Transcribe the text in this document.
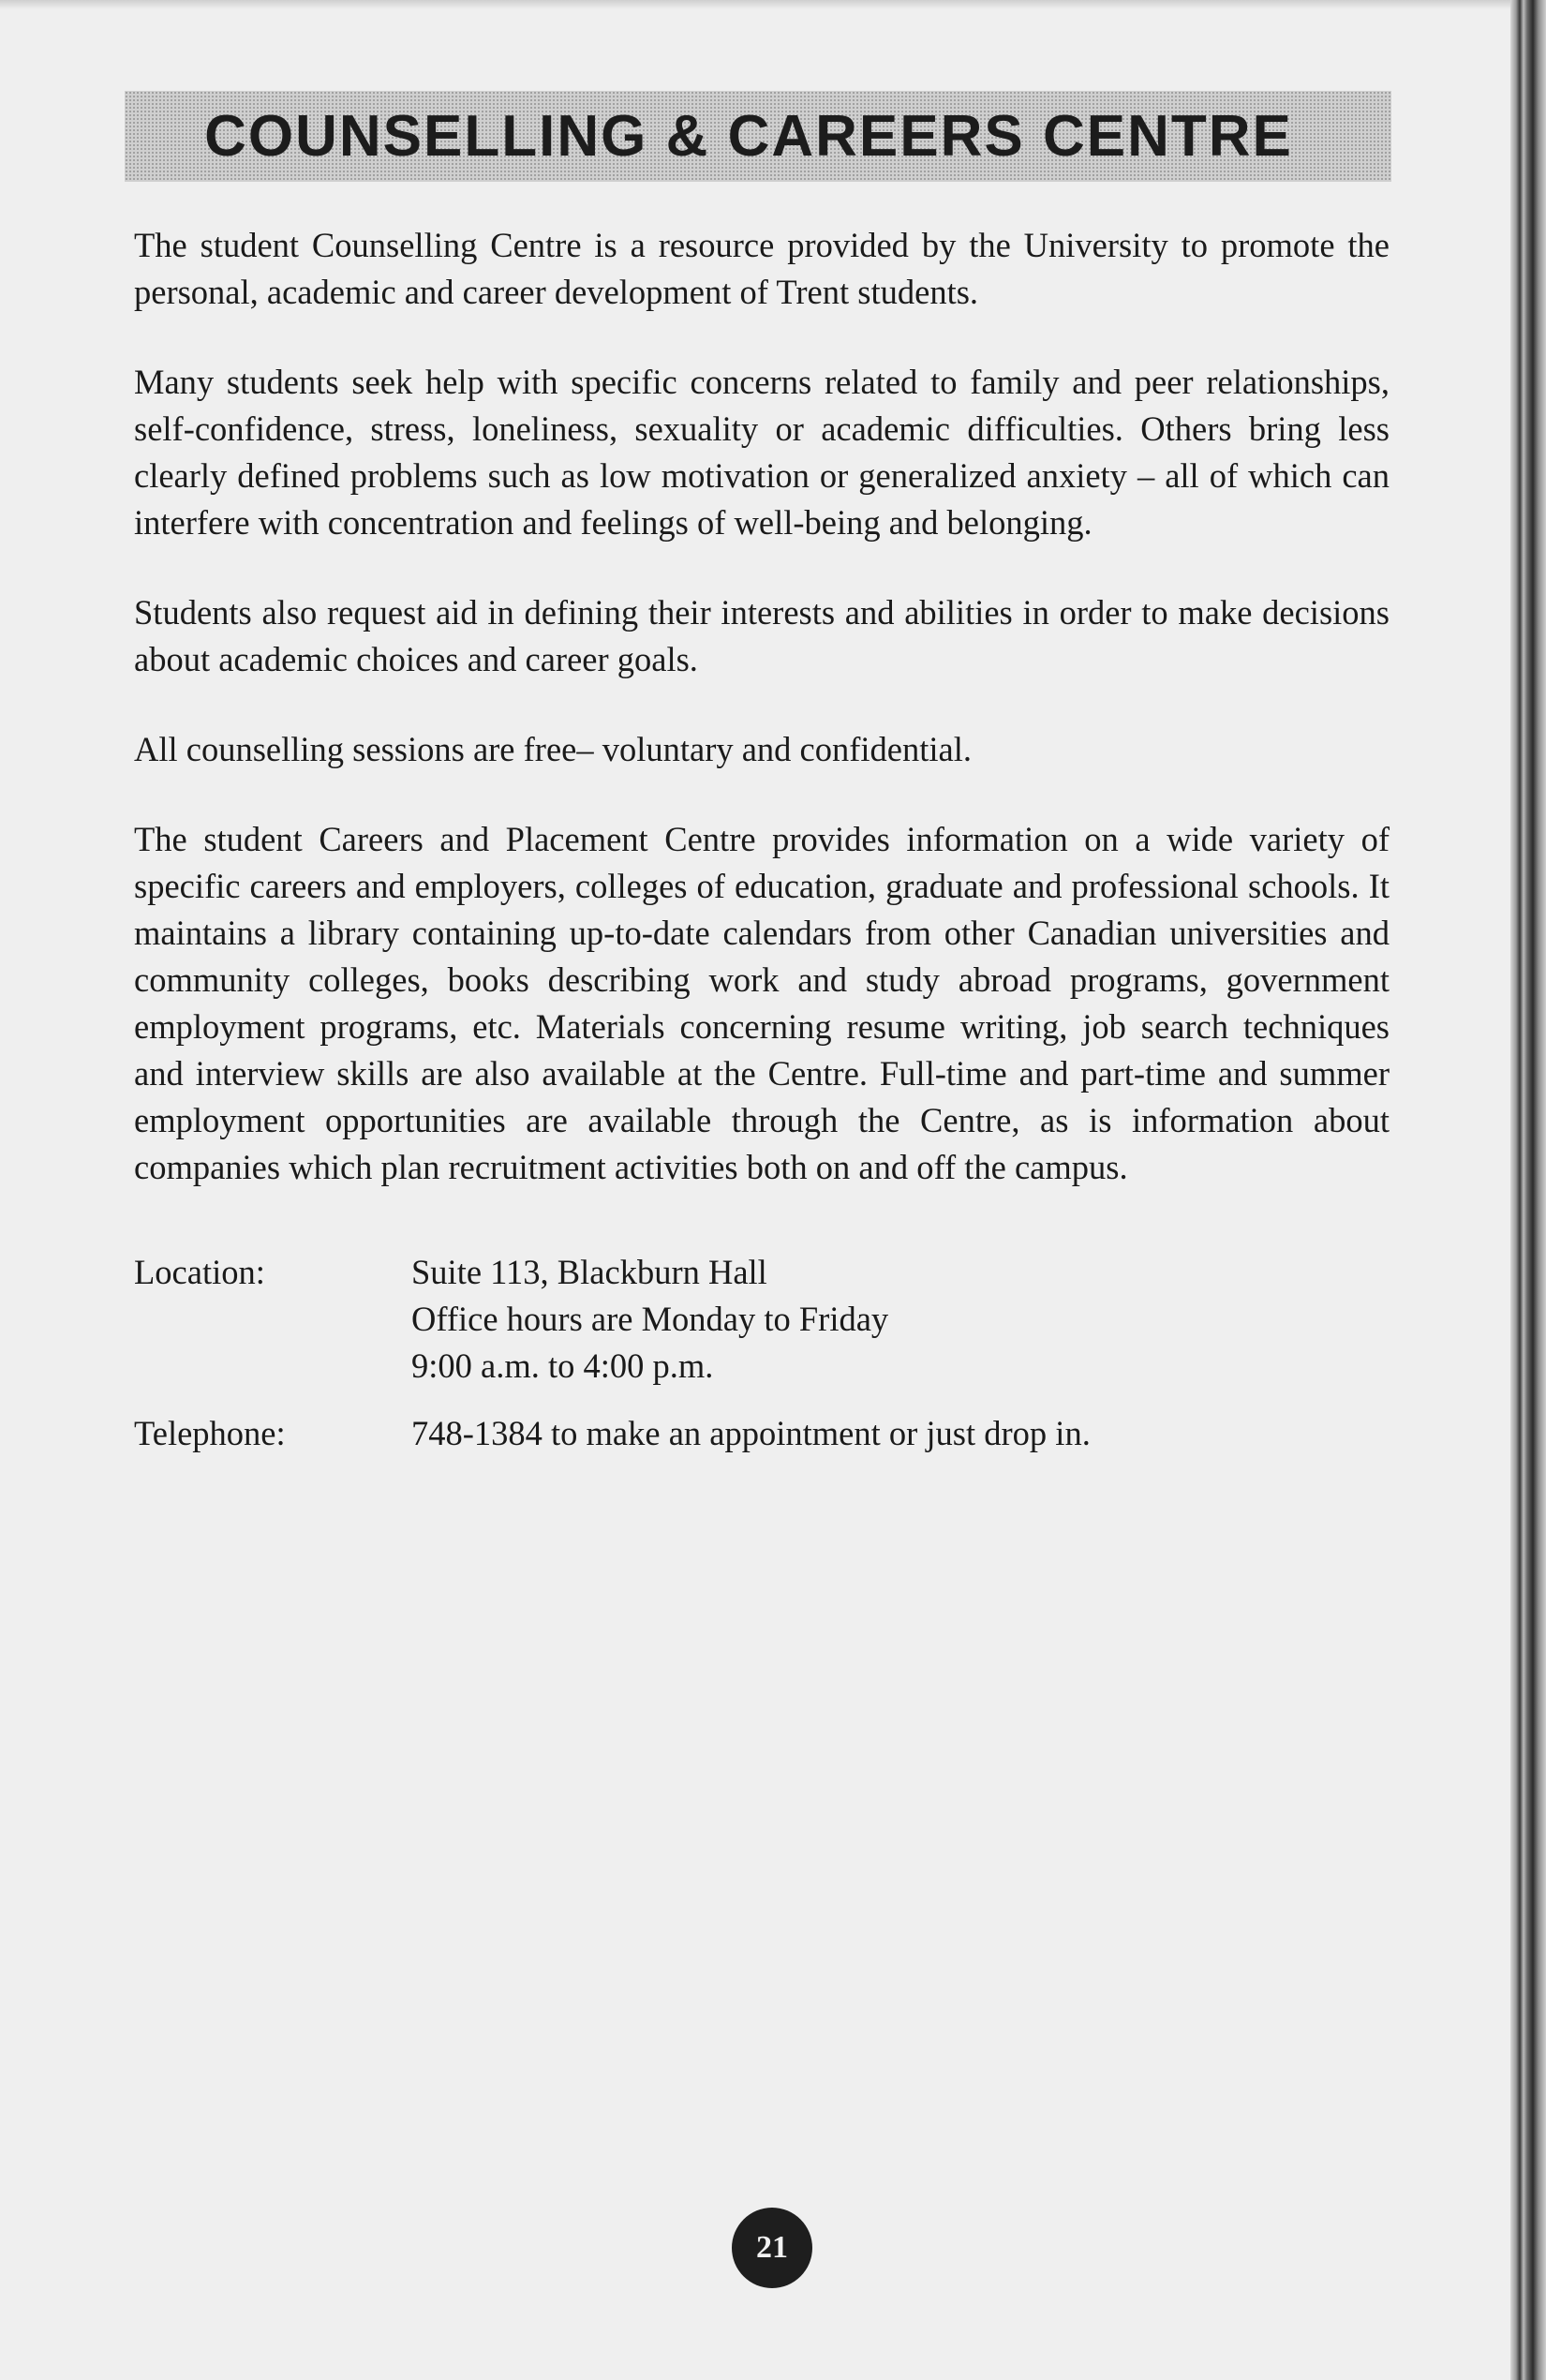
COUNSELLING & CAREERS CENTRE

The student Counselling Centre is a resource provided by the University to promote the personal, academic and career development of Trent students.

Many students seek help with specific concerns related to family and peer relationships, self-confidence, stress, loneliness, sexuality or academic difficulties. Others bring less clearly defined problems such as low motivation or generalized anxiety – all of which can interfere with concentration and feelings of well-being and belonging.

Students also request aid in defining their interests and abilities in order to make decisions about academic choices and career goals.

All counselling sessions are free– voluntary and confidential.

The student Careers and Placement Centre provides information on a wide variety of specific careers and employers, colleges of education, graduate and professional schools. It maintains a library containing up-to-date calendars from other Canadian universities and community colleges, books describing work and study abroad programs, government employment programs, etc. Materials concerning resume writing, job search techniques and interview skills are also available at the Centre. Full-time and part-time and summer employment opportunities are available through the Centre, as is information about companies which plan recruitment activities both on and off the campus.

Location:	Suite 113, Blackburn Hall
Office hours are Monday to Friday
9:00 a.m. to 4:00 p.m.
Telephone:	748-1384 to make an appointment or just drop in.
21
